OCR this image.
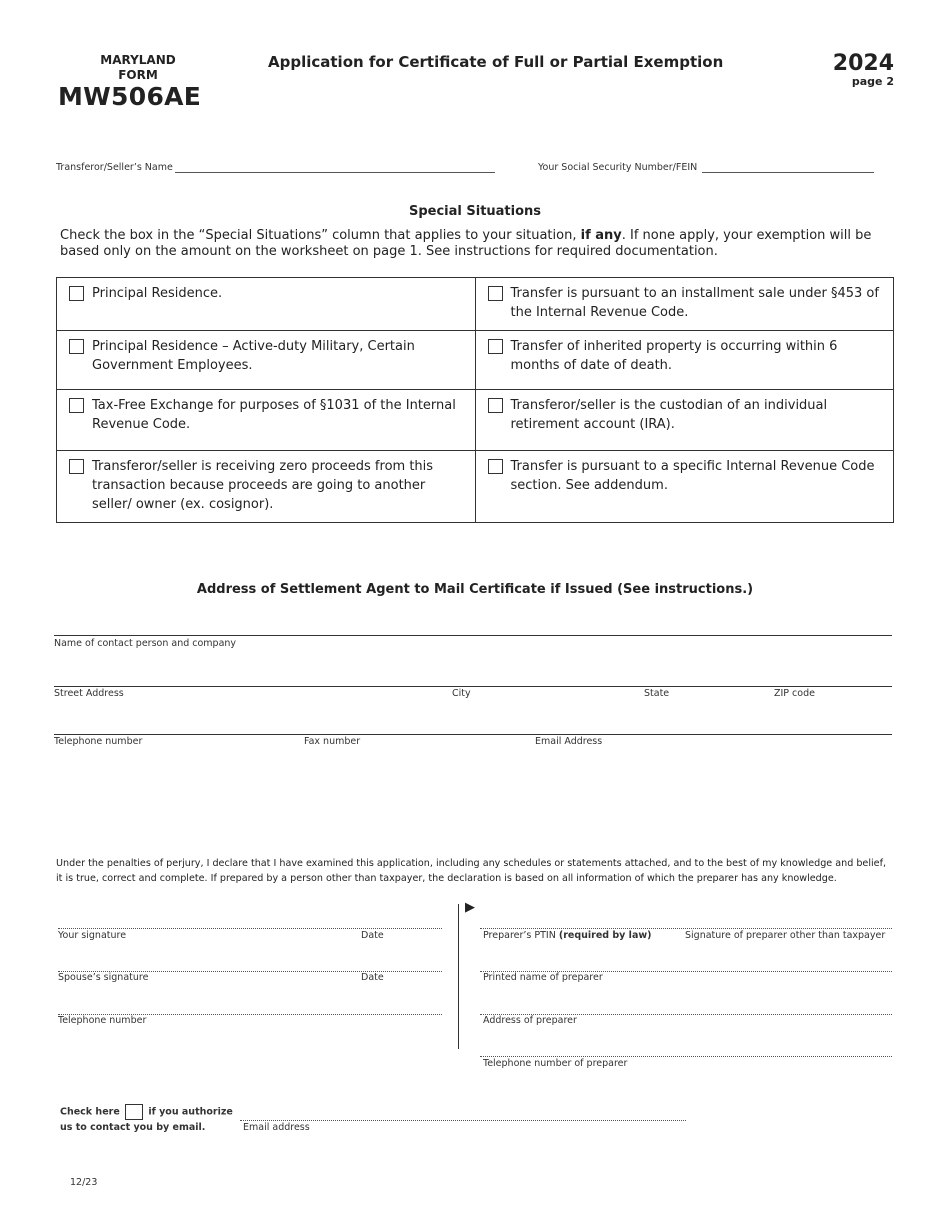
MARYLAND
FORM
MW506AE
Application for Certificate of Full or Partial Exemption	2024
page 2
Transferor/Seller’s Name	Your Social Security Number/FEIN
Special Situations
Check the box in the “Special Situations” column that applies to your situation, if any. If none apply, your exemption will be based only on the amount on the worksheet on page 1. See instructions for required documentation.
Principal Residence.	Transfer is pursuant to an installment sale under §453 of the Internal Revenue Code.

Principal Residence – Active-duty Military, Certain Government Employees.	Transfer of inherited property is occurring within 6 months of date of death.

Tax-Free Exchange for purposes of §1031 of the Internal Revenue Code.	Transferor/seller is the custodian of an individual retirement account (IRA).

Transferor/seller is receiving zero proceeds from this transaction because proceeds are going to another seller/ owner (ex. cosignor).	Transfer is pursuant to a specific Internal Revenue Code section. See addendum.
Address of Settlement Agent to Mail Certificate if Issued (See instructions.)
Name of contact person and company
Street Address	City	State	ZIP code
Telephone number	Fax number	Email Address
Under the penalties of perjury, I declare that I have examined this application, including any schedules or statements attached, and to the best of my knowledge and belief, it is true, correct and complete. If prepared by a person other than taxpayer, the declaration is based on all information of which the preparer has any knowledge.
▶
Your signature	Date
Spouse’s signature	Date
Telephone number
Preparer’s PTIN (required by law)	Signature of preparer other than taxpayer
Printed name of preparer
Address of preparer
Telephone number of preparer
Check here	if you authorize
us to contact you by email.	Email address
12/23
